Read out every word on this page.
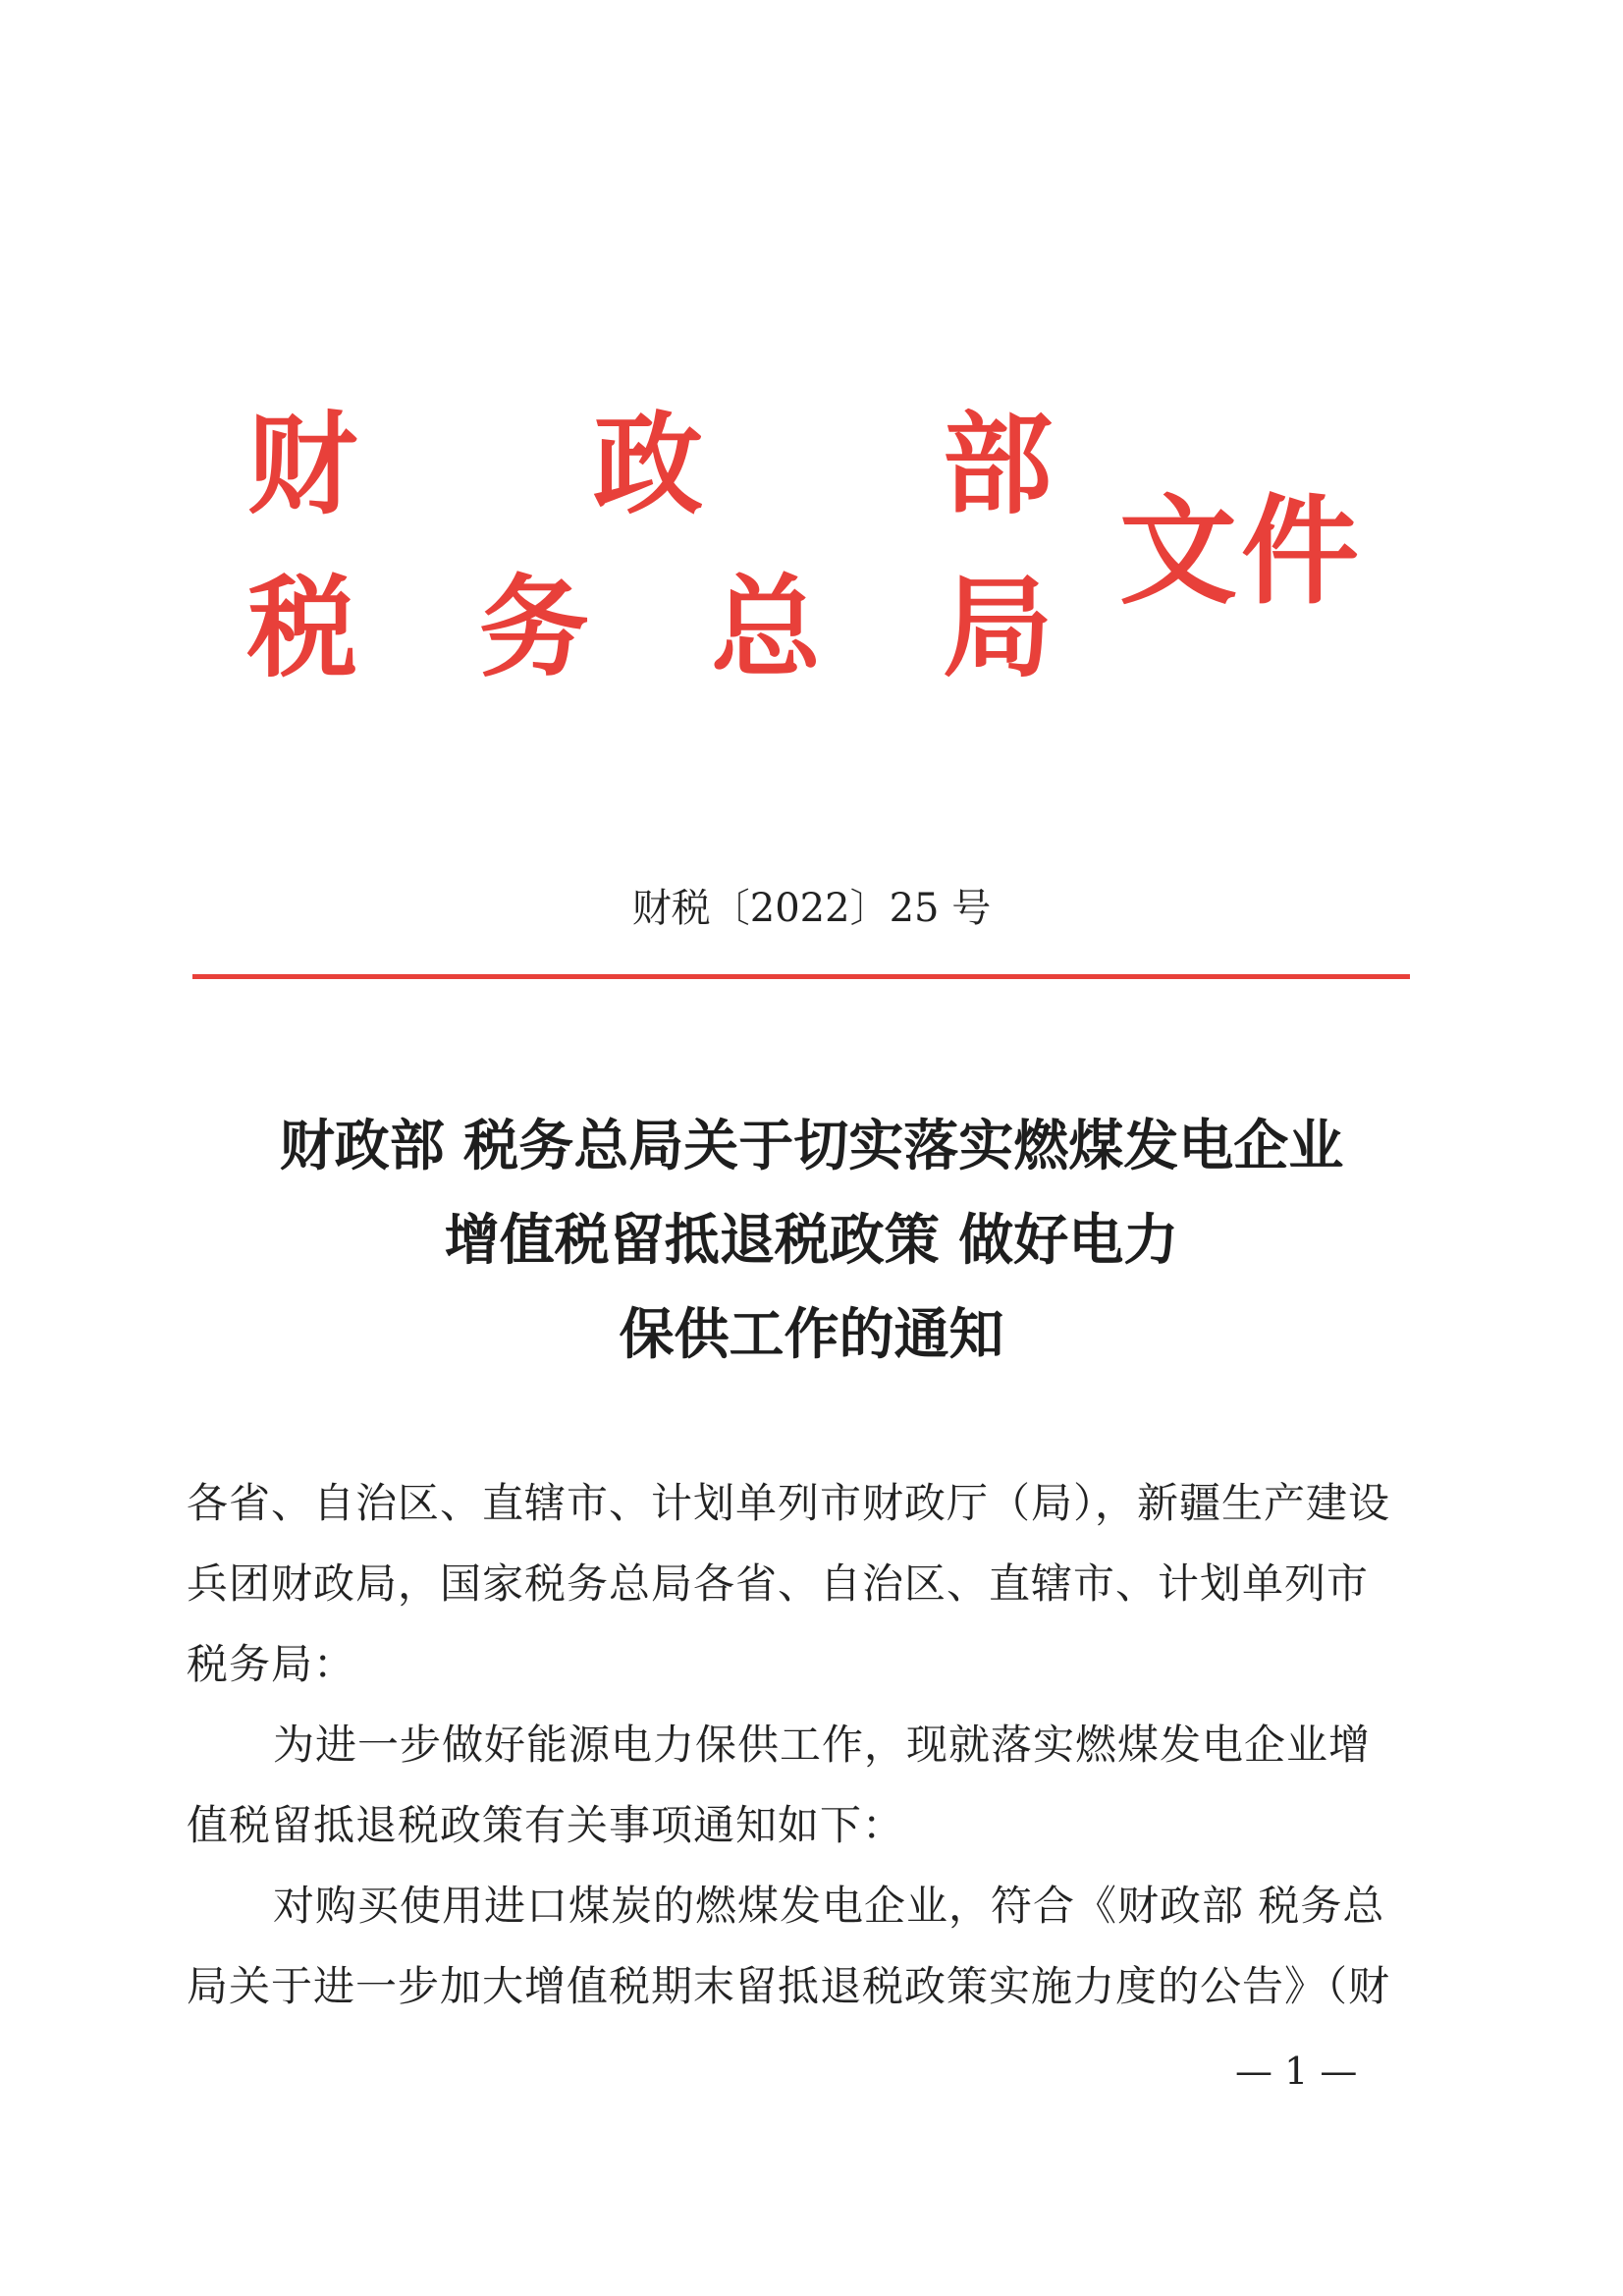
财 政 部
税 务 总 局
文件
财税〔2022〕25 号
财政部 税务总局关于切实落实燃煤发电企业
增值税留抵退税政策 做好电力
保供工作的通知
各省、自治区、直辖市、计划单列市财政厅（局），新疆生产建设
兵团财政局，国家税务总局各省、自治区、直辖市、计划单列市
税务局：
为进一步做好能源电力保供工作，现就落实燃煤发电企业增
值税留抵退税政策有关事项通知如下：
对购买使用进口煤炭的燃煤发电企业，符合《财政部 税务总
局关于进一步加大增值税期末留抵退税政策实施力度的公告》（财
— 1 —
